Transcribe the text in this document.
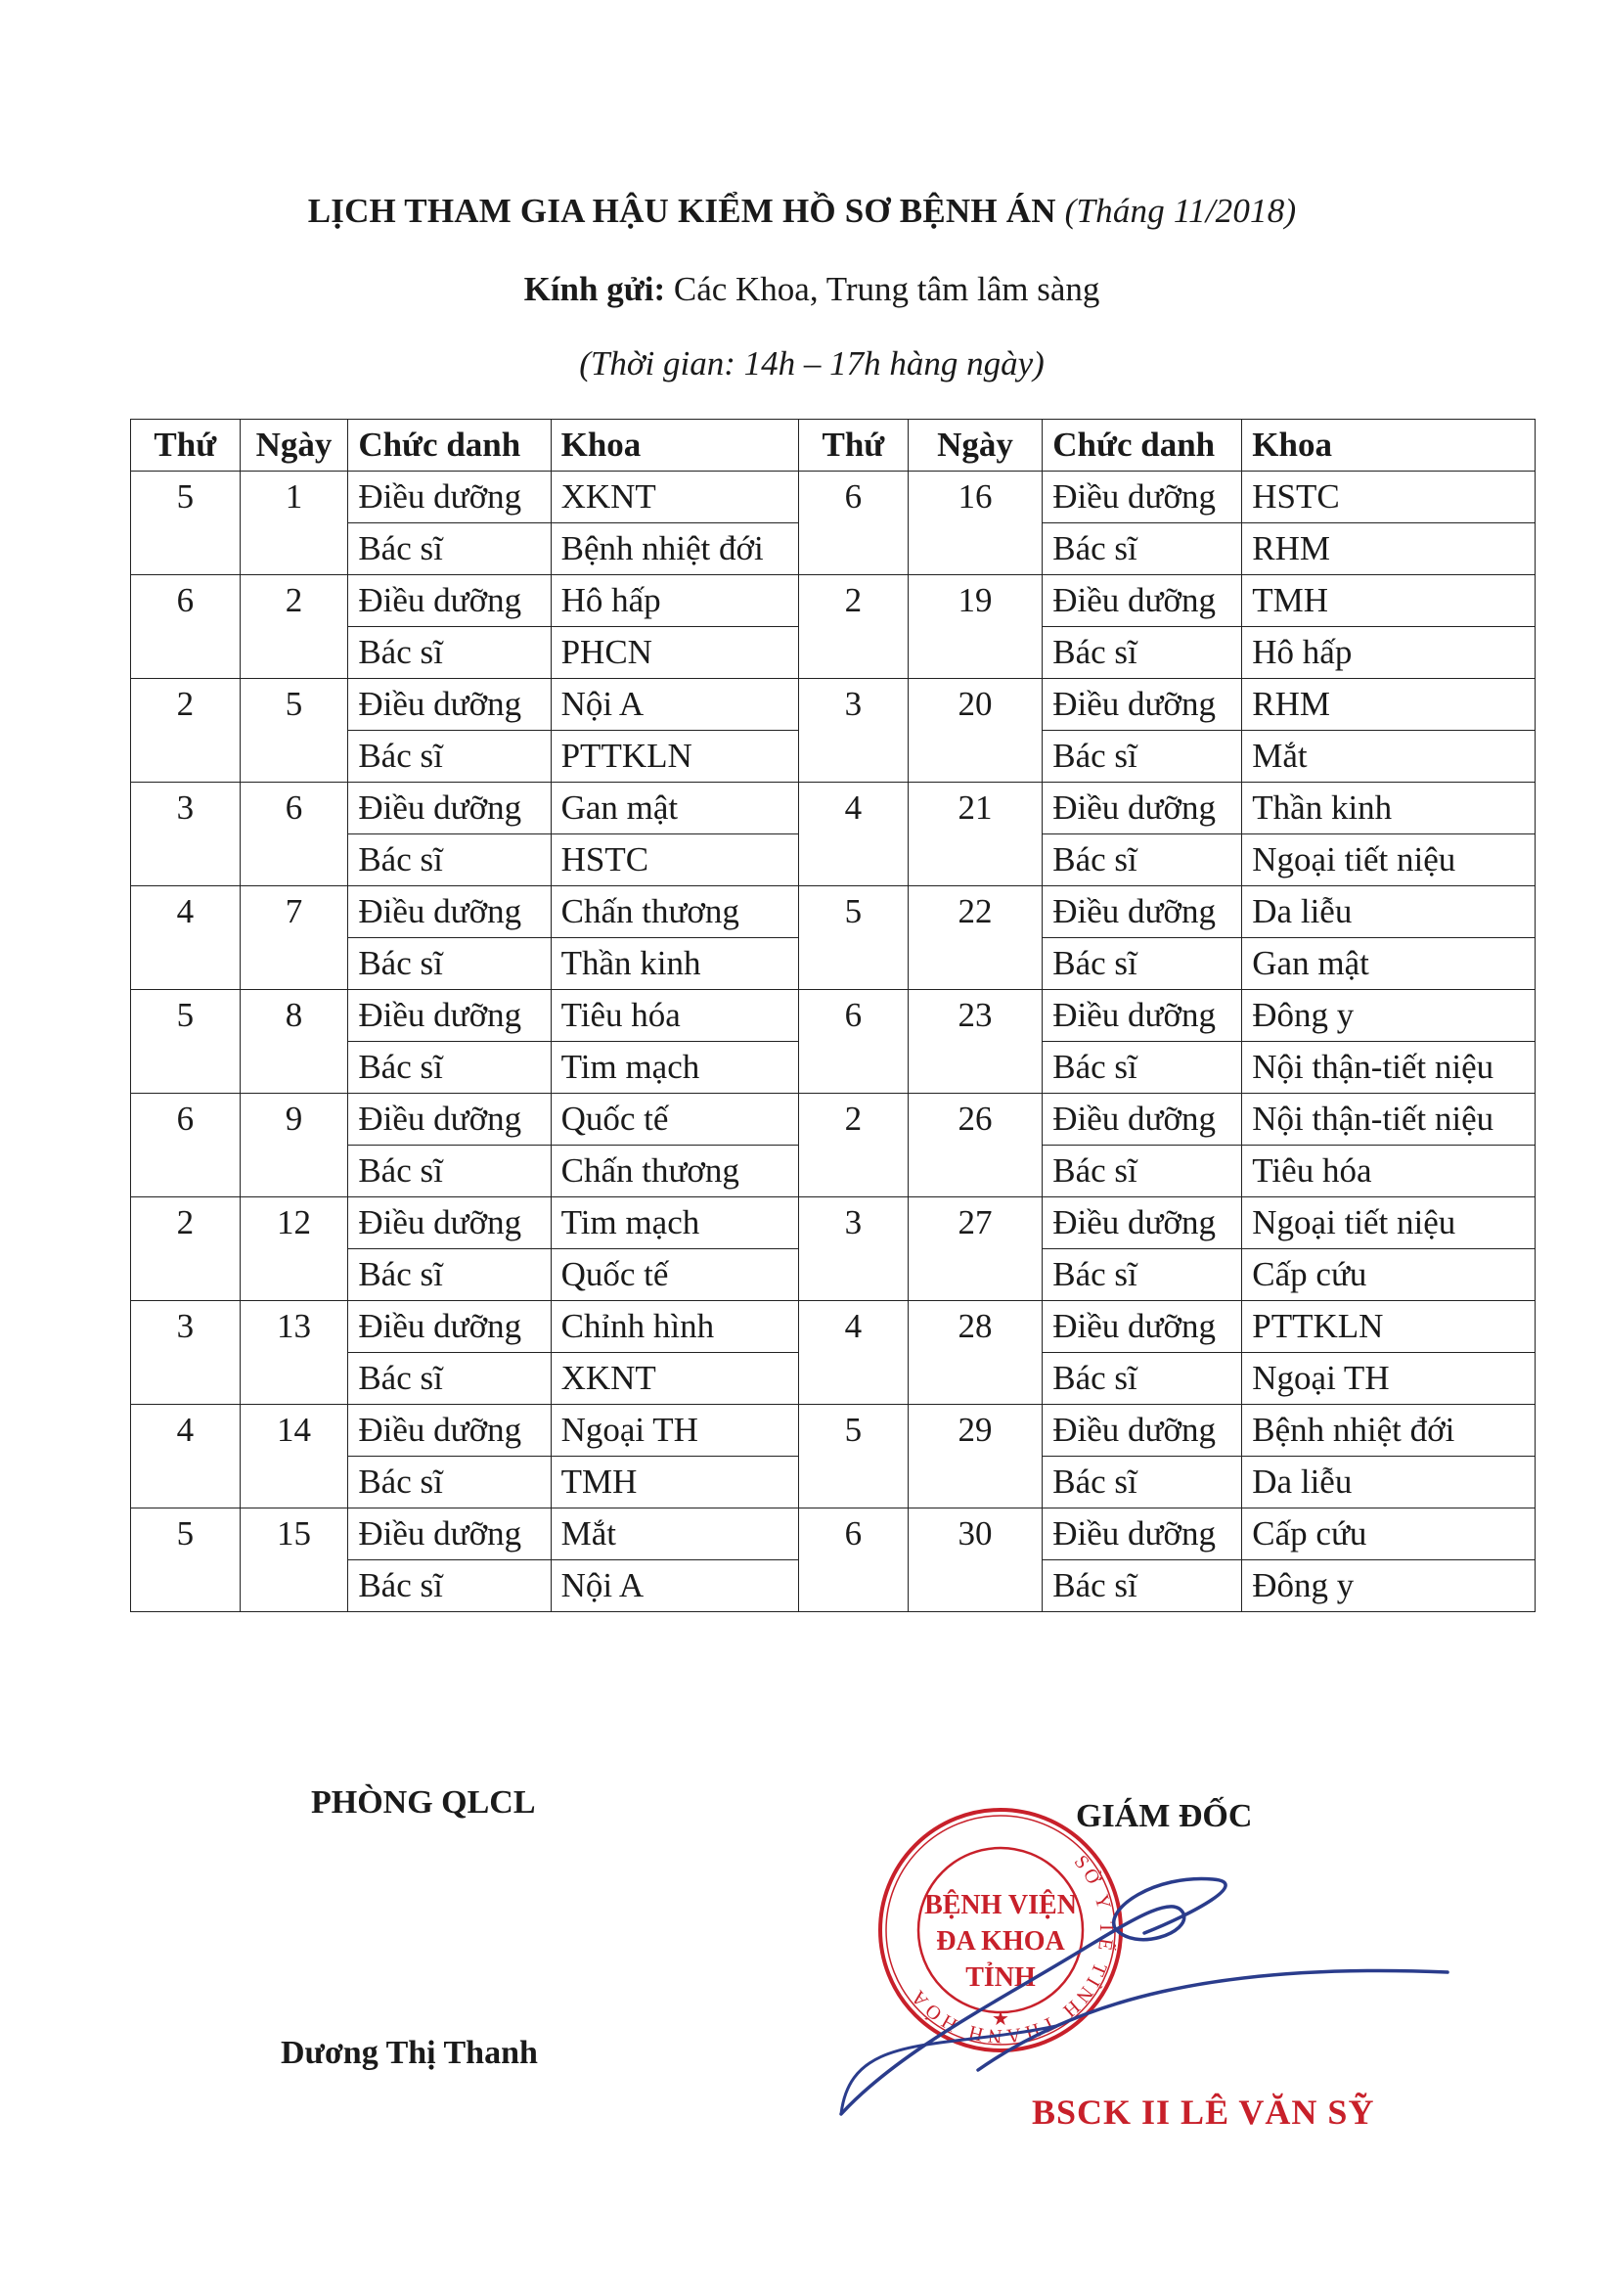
LỊCH THAM GIA HẬU KIỂM HỒ SƠ BỆNH ÁN (Tháng 11/2018)
Kính gửi: Các Khoa, Trung tâm lâm sàng
(Thời gian: 14h – 17h hàng ngày)
Thứ	Ngày	Chức danh	Khoa	Thứ	Ngày	Chức danh	Khoa
5	1	Điều dưỡng	XKNT	6	16	Điều dưỡng	HSTC
		Bác sĩ	Bệnh nhiệt đới			Bác sĩ	RHM
6	2	Điều dưỡng	Hô hấp	2	19	Điều dưỡng	TMH
		Bác sĩ	PHCN			Bác sĩ	Hô hấp
2	5	Điều dưỡng	Nội A	3	20	Điều dưỡng	RHM
		Bác sĩ	PTTKLN			Bác sĩ	Mắt
3	6	Điều dưỡng	Gan mật	4	21	Điều dưỡng	Thần kinh
		Bác sĩ	HSTC			Bác sĩ	Ngoại tiết niệu
4	7	Điều dưỡng	Chấn thương	5	22	Điều dưỡng	Da liễu
		Bác sĩ	Thần kinh			Bác sĩ	Gan mật
5	8	Điều dưỡng	Tiêu hóa	6	23	Điều dưỡng	Đông y
		Bác sĩ	Tim mạch			Bác sĩ	Nội thận-tiết niệu
6	9	Điều dưỡng	Quốc tế	2	26	Điều dưỡng	Nội thận-tiết niệu
		Bác sĩ	Chấn thương			Bác sĩ	Tiêu hóa
2	12	Điều dưỡng	Tim mạch	3	27	Điều dưỡng	Ngoại tiết niệu
		Bác sĩ	Quốc tế			Bác sĩ	Cấp cứu
3	13	Điều dưỡng	Chỉnh hình	4	28	Điều dưỡng	PTTKLN
		Bác sĩ	XKNT			Bác sĩ	Ngoại TH
4	14	Điều dưỡng	Ngoại TH	5	29	Điều dưỡng	Bệnh nhiệt đới
		Bác sĩ	TMH			Bác sĩ	Da liễu
5	15	Điều dưỡng	Mắt	6	30	Điều dưỡng	Cấp cứu
		Bác sĩ	Nội A			Bác sĩ	Đông y
PHÒNG QLCL
Dương Thị Thanh
SỞ Y TẾ TỈNH THANH HÓA
BỆNH VIỆN
ĐA KHOA
TỈNH
★
GIÁM ĐỐC
BSCK II LÊ VĂN SỸ
